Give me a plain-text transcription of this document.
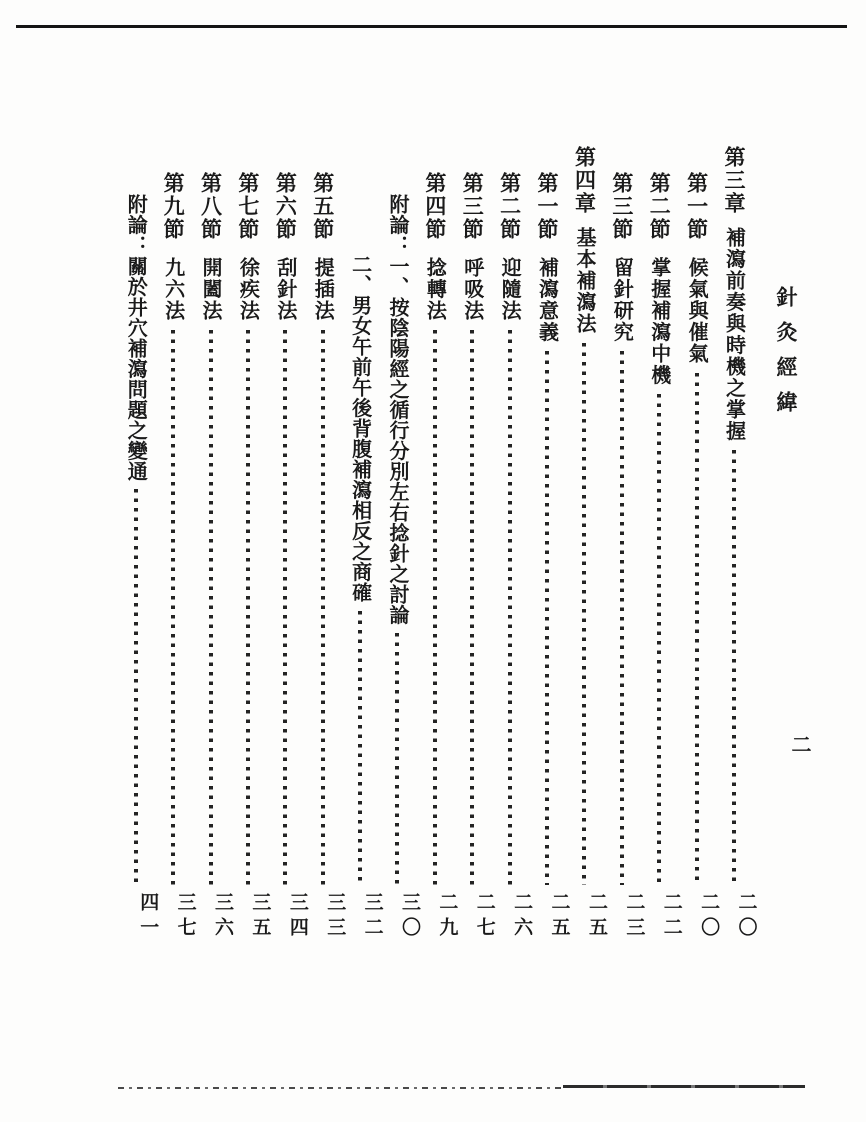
針灸經緯
二
第三章
補瀉前奏與時機之掌握
二〇
第一節
候氣與催氣
二〇
第二節
掌握補瀉中機
二二
第三節
留針研究
二三
第四章
基本補瀉法
二五
第一節
補瀉意義
二五
第二節
迎隨法
二六
第三節
呼吸法
二七
第四節
捻轉法
二九
附論：
一、按陰陽經之循行分別左右捻針之討論
三〇
二、男女午前午後背腹補瀉相反之商確
三二
第五節
提插法
三三
第六節
刮針法
三四
第七節
徐疾法
三五
第八節
開闔法
三六
第九節
九六法
三七
附論：
關於井穴補瀉問題之變通
四一
